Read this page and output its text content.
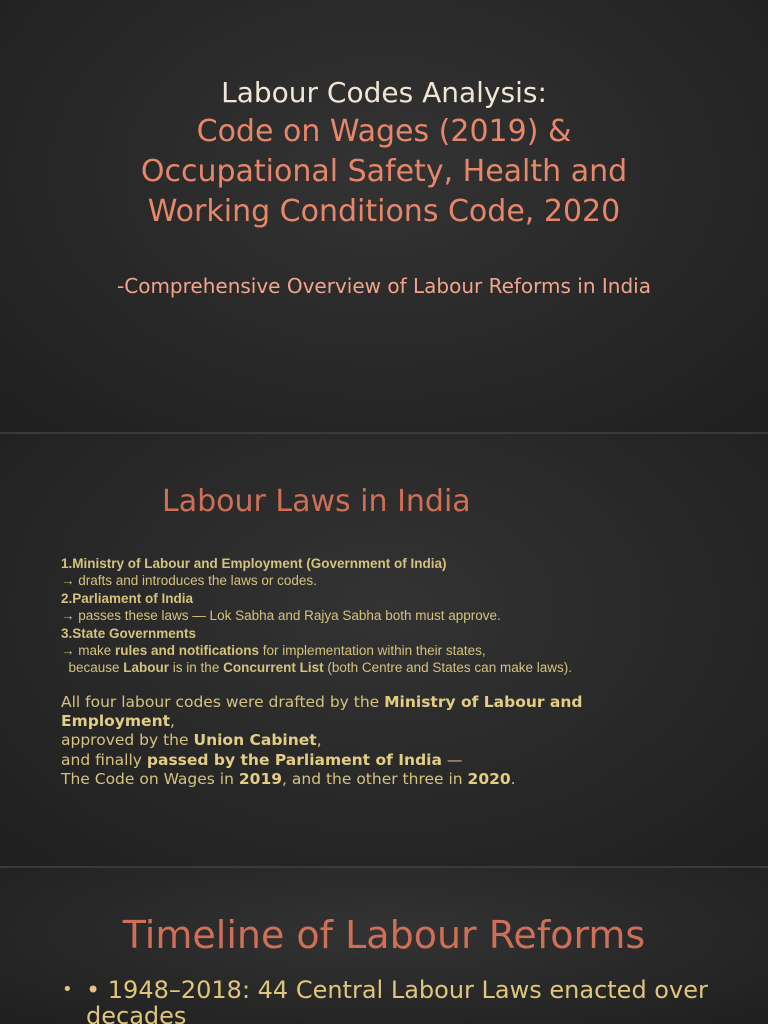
Labour Codes Analysis:
Code on Wages (2019) &
Occupational Safety, Health and
Working Conditions Code, 2020
-Comprehensive Overview of Labour Reforms in India
Labour Laws in India
1.Ministry of Labour and Employment (Government of India)
→ drafts and introduces the laws or codes.
2.Parliament of India
→ passes these laws — Lok Sabha and Rajya Sabha both must approve.
3.State Governments
→ make rules and notifications for implementation within their states,
because Labour is in the Concurrent List (both Centre and States can make laws).
All four labour codes were drafted by the Ministry of Labour and Employment,
approved by the Union Cabinet,
and finally passed by the Parliament of India —
The Code on Wages in 2019, and the other three in 2020.
Timeline of Labour Reforms
• • 1948–2018: 44 Central Labour Laws enacted over decades
